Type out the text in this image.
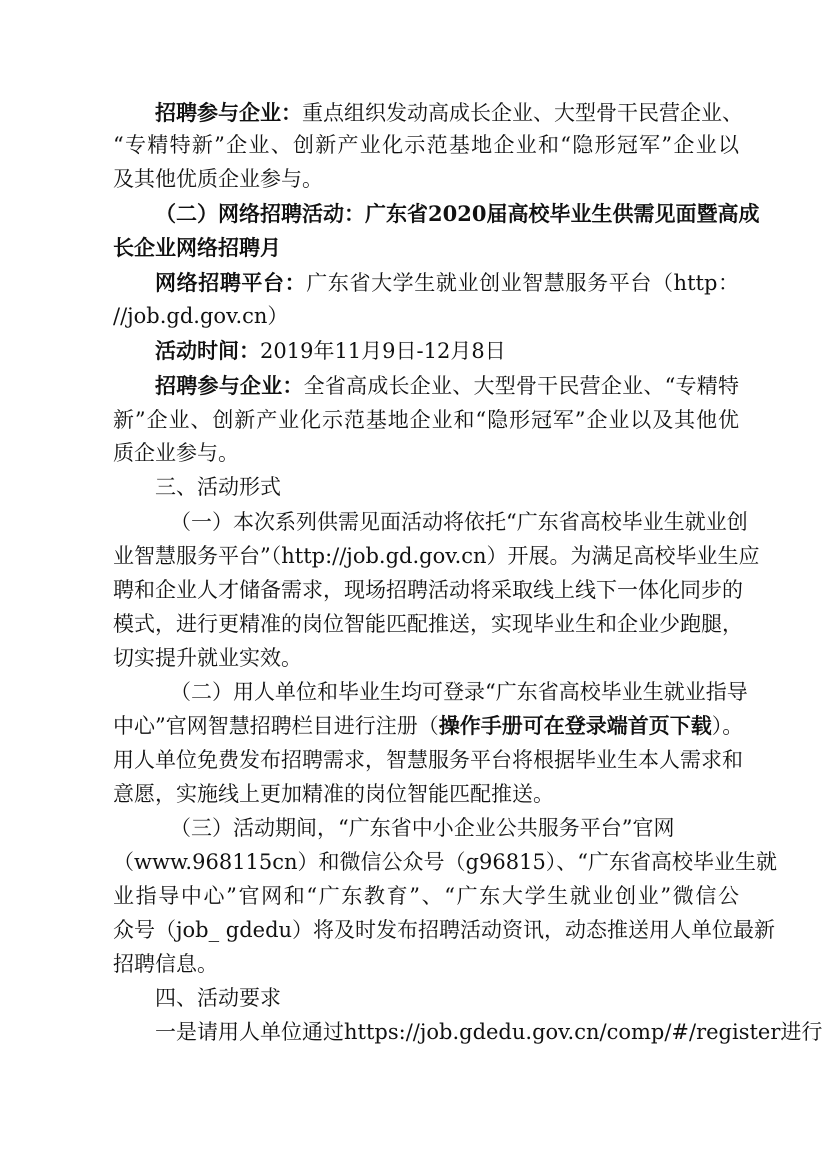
招聘参与企业：重点组织发动高成长企业、大型骨干民营企业、
“专精特新”企业、创新产业化示范基地企业和“隐形冠军”企业以
及其他优质企业参与。
（二）网络招聘活动：广东省2020届高校毕业生供需见面暨高成
长企业网络招聘月
网络招聘平台：广东省大学生就业创业智慧服务平台（http：
//job.gd.gov.cn）
活动时间：2019年11月9日-12月8日
招聘参与企业：全省高成长企业、大型骨干民营企业、“专精特
新”企业、创新产业化示范基地企业和“隐形冠军”企业以及其他优
质企业参与。
三、活动形式
（一）本次系列供需见面活动将依托“广东省高校毕业生就业创
业智慧服务平台”（http://job.gd.gov.cn）开展。为满足高校毕业生应
聘和企业人才储备需求，现场招聘活动将采取线上线下一体化同步的
模式，进行更精准的岗位智能匹配推送，实现毕业生和企业少跑腿，
切实提升就业实效。
（二）用人单位和毕业生均可登录“广东省高校毕业生就业指导
中心”官网智慧招聘栏目进行注册（操作手册可在登录端首页下载）。
用人单位免费发布招聘需求，智慧服务平台将根据毕业生本人需求和
意愿，实施线上更加精准的岗位智能匹配推送。
（三）活动期间，“广东省中小企业公共服务平台”官网
（www.968115cn）和微信公众号（g96815）、“广东省高校毕业生就
业指导中心”官网和“广东教育”、“广东大学生就业创业”微信公
众号（job_ gdedu）将及时发布招聘活动资讯，动态推送用人单位最新
招聘信息。
四、活动要求
一是请用人单位通过https://job.gdedu.gov.cn/comp/#/register进行
